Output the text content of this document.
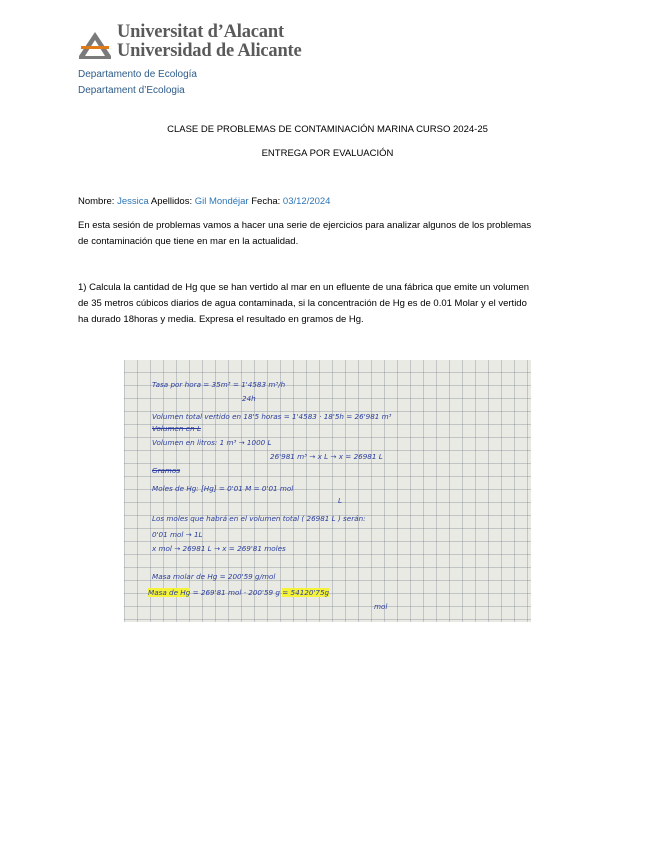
Universitat d’Alacant
Universidad de Alicante
Departamento de Ecología
Departament d’Ecologia
CLASE DE PROBLEMAS DE CONTAMINACIÓN MARINA CURSO 2024-25
ENTREGA POR EVALUACIÓN
Nombre: Jessica Apellidos: Gil Mondéjar Fecha: 03/12/2024
En esta sesión de problemas vamos a hacer una serie de ejercicios para analizar algunos de los problemas
de contaminación que tiene en mar en la actualidad.
1) Calcula la cantidad de Hg que se han vertido al mar en un efluente de una fábrica que emite un volumen
de 35 metros cúbicos diarios de agua contaminada, si la concentración de Hg es de 0.01 Molar y el vertido
ha durado 18horas y media. Expresa el resultado en gramos de Hg.
Tasa por hora = 35m³ = 1'4583 m³/h
24h
Volumen total vertido en 18'5 horas = 1'4583 · 18'5h = 26'981 m³
Volumen en L
Volumen en litros: 1 m³ → 1000 L
26'981 m³ → x L → x = 26981 L
Gramos
Moles de Hg: [Hg] = 0'01 M = 0'01 mol
L
Los moles que habrá en el volumen total ( 26981 L ) serán:
0'01 mol → 1L
x mol → 26981 L → x = 269'81 moles
Masa molar de Hg = 200'59 g/mol
Masa de Hg = 269'81 mol · 200'59 g = 54120'75g
mol
